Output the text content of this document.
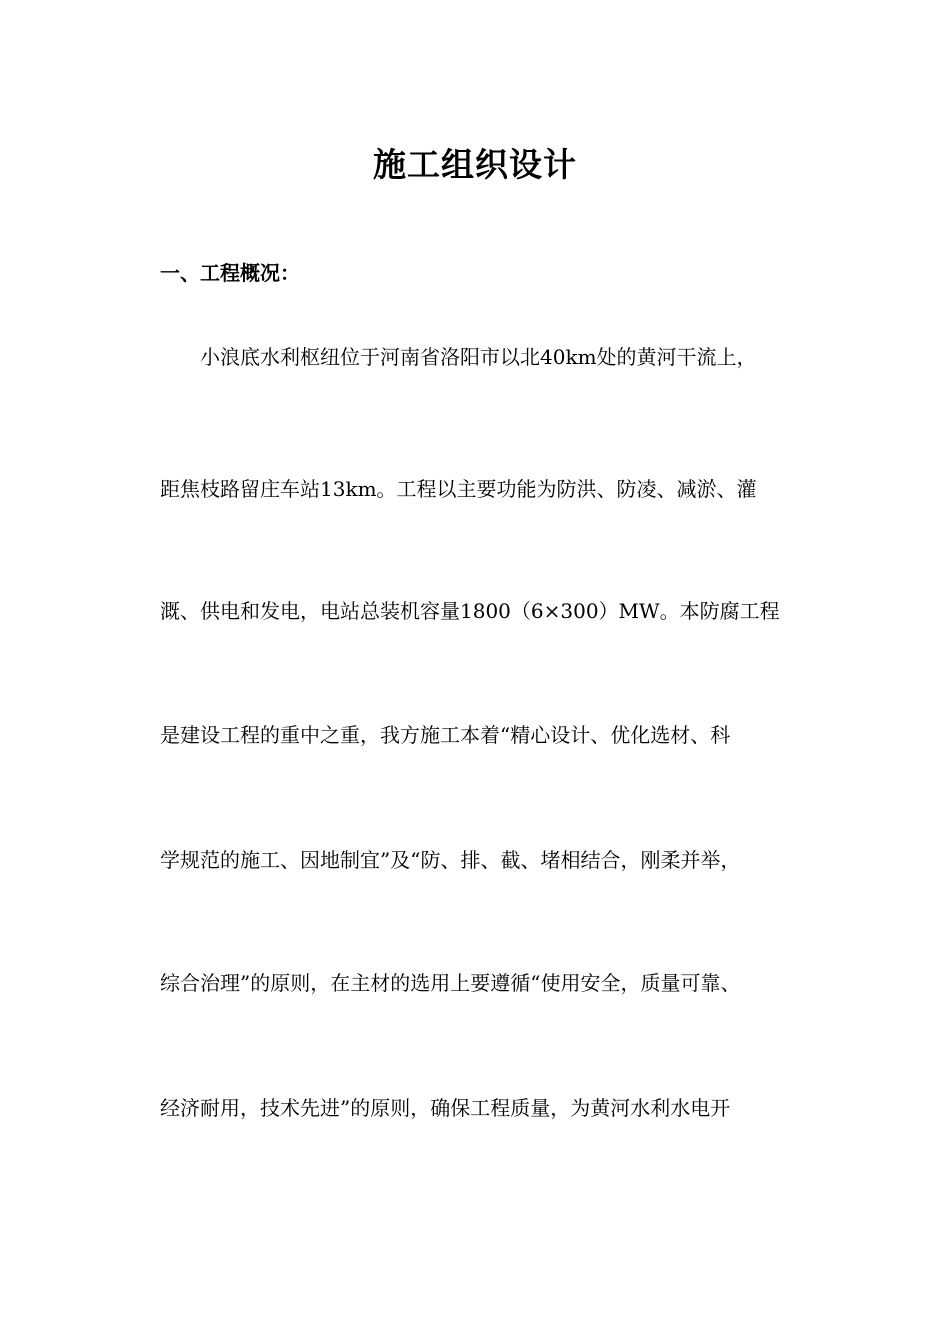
施工组织设计
一、工程概况：
　　小浪底水利枢纽位于河南省洛阳市以北40km处的黄河干流上，
距焦枝路留庄车站13km。工程以主要功能为防洪、防凌、减淤、灌
溉、供电和发电，电站总装机容量1800（6×300）MW。本防腐工程
是建设工程的重中之重，我方施工本着“精心设计、优化选材、科
学规范的施工、因地制宜”及“防、排、截、堵相结合，刚柔并举，
综合治理”的原则，在主材的选用上要遵循“使用安全，质量可靠、
经济耐用，技术先进”的原则，确保工程质量，为黄河水利水电开
